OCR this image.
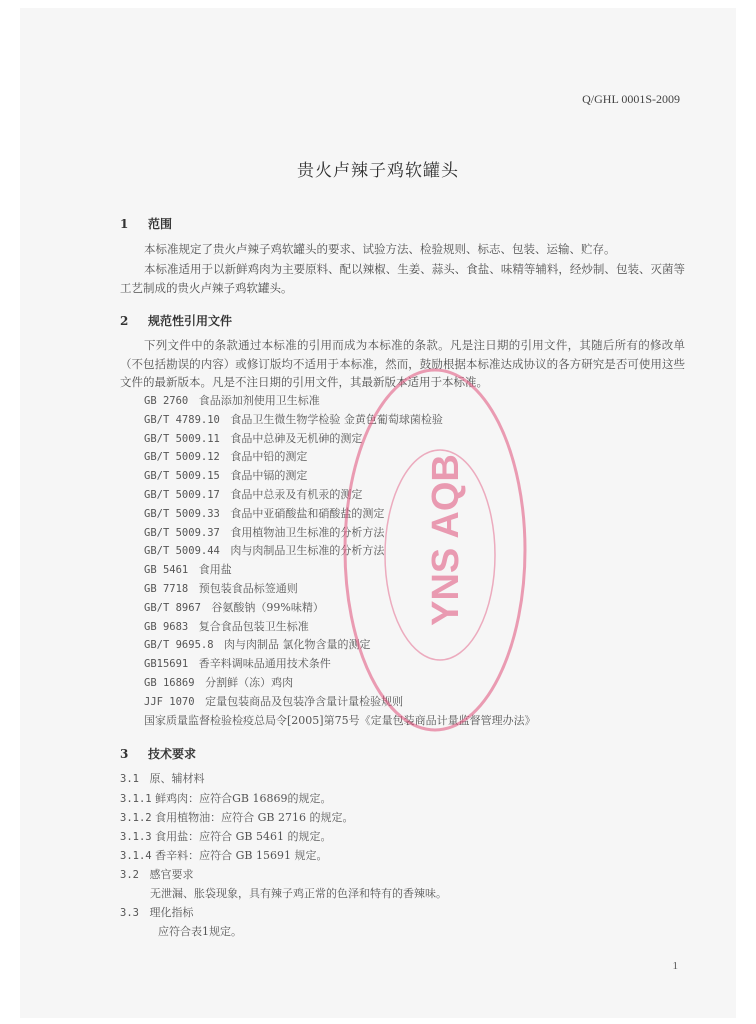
Q/GHL 0001S-2009
贵火卢辣子鸡软罐头
1 范围

本标准规定了贵火卢辣子鸡软罐头的要求、试验方法、检验规则、标志、包装、运输、贮存。

本标准适用于以新鲜鸡肉为主要原料、配以辣椒、生姜、蒜头、食盐、味精等辅料，经炒制、包装、灭菌等工艺制成的贵火卢辣子鸡软罐头。

2 规范性引用文件

下列文件中的条款通过本标准的引用而成为本标准的条款。凡是注日期的引用文件，其随后所有的修改单（不包括勘误的内容）或修订版均不适用于本标准，然而，鼓励根据本标准达成协议的各方研究是否可使用这些文件的最新版本。凡是不注日期的引用文件，其最新版本适用于本标准。

GB 2760 食品添加剂使用卫生标准
GB/T 4789.10 食品卫生微生物学检验 金黄色葡萄球菌检验
GB/T 5009.11 食品中总砷及无机砷的测定
GB/T 5009.12 食品中铅的测定
GB/T 5009.15 食品中镉的测定
GB/T 5009.17 食品中总汞及有机汞的测定
GB/T 5009.33 食品中亚硝酸盐和硝酸盐的测定
GB/T 5009.37 食用植物油卫生标准的分析方法
GB/T 5009.44 肉与肉制品卫生标准的分析方法
GB 5461 食用盐
GB 7718 预包装食品标签通则
GB/T 8967 谷氨酸钠（99%味精）
GB 9683 复合食品包装卫生标准
GB/T 9695.8 肉与肉制品 氯化物含量的测定
GB15691 香辛料调味品通用技术条件
GB 16869 分割鲜（冻）鸡肉
JJF 1070 定量包装商品及包装净含量计量检验规则
国家质量监督检验检疫总局令[2005]第75号《定量包装商品计量监督管理办法》
3 技术要求
3.1 原、辅材料
3.1.1 鲜鸡肉：应符合GB 16869的规定。
3.1.2 食用植物油：应符合 GB 2716 的规定。
3.1.3 食用盐：应符合 GB 5461 的规定。
3.1.4 香辛料：应符合 GB 15691 规定。
3.2 感官要求
无泄漏、胀袋现象，具有辣子鸡正常的色泽和特有的香辣味。
3.3 理化指标
应符合表1规定。
YNS AQB
1
